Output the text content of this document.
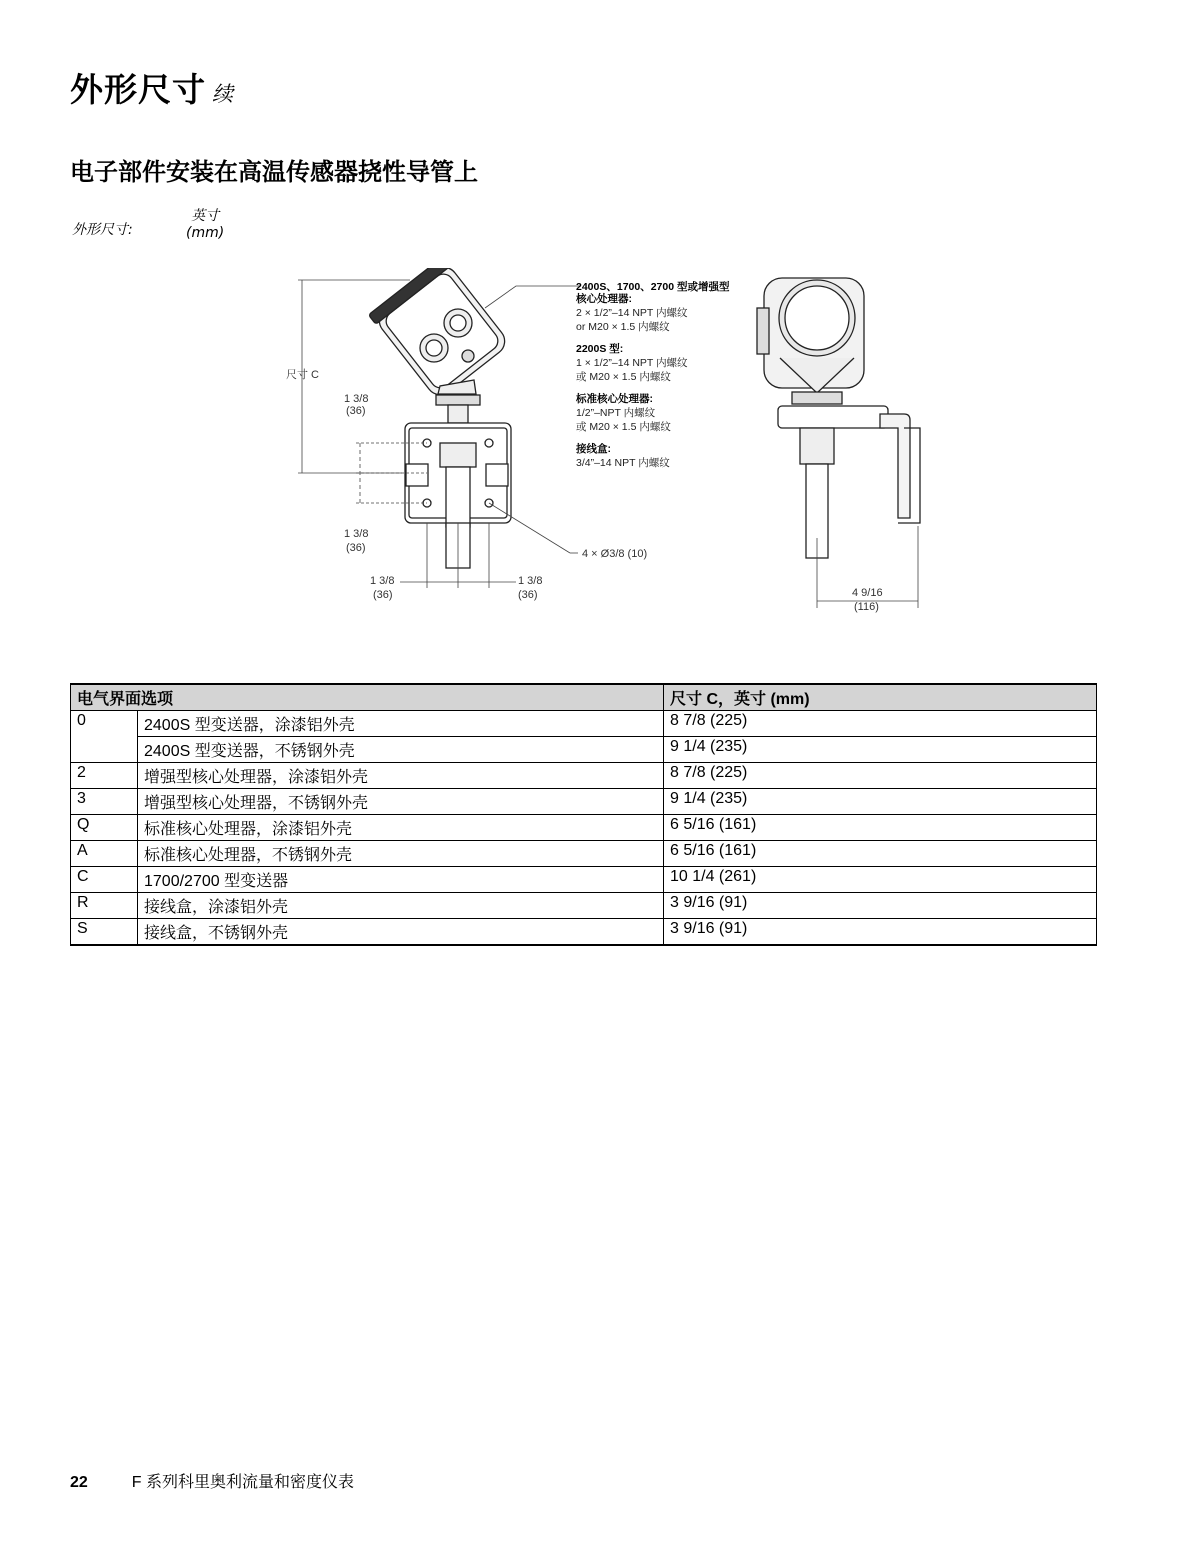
外形尺寸 续
电子部件安装在高温传感器挠性导管上
外形尺寸:
英寸
(mm)
尺寸 C
1 3/8
(36)
1 3/8
(36)
1 3/8
(36)
1 3/8
(36)
4 × Ø3/8 (10)
2400S、1700、2700 型或增强型
核心处理器:
2 × 1/2”–14 NPT 内螺纹
or M20 × 1.5 内螺纹
2200S 型:
1 × 1/2”–14 NPT 内螺纹
或 M20 × 1.5 内螺纹
标准核心处理器:
1/2”–NPT 内螺纹
或 M20 × 1.5 内螺纹
接线盒:
3/4”–14 NPT 内螺纹
4 9/16
(116)
电气界面选项		尺寸 C，英寸 (mm)
0	2400S 型变送器，涂漆铝外壳	8 7/8 (225)
	2400S 型变送器，不锈钢外壳	9 1/4 (235)
2	增强型核心处理器，涂漆铝外壳	8 7/8 (225)
3	增强型核心处理器，不锈钢外壳	9 1/4 (235)
Q	标准核心处理器，涂漆铝外壳	6 5/16 (161)
A	标准核心处理器，不锈钢外壳	6 5/16 (161)
C	1700/2700 型变送器	10 1/4 (261)
R	接线盒，涂漆铝外壳	3 9/16 (91)
S	接线盒，不锈钢外壳	3 9/16 (91)
22	F 系列科里奥利流量和密度仪表
